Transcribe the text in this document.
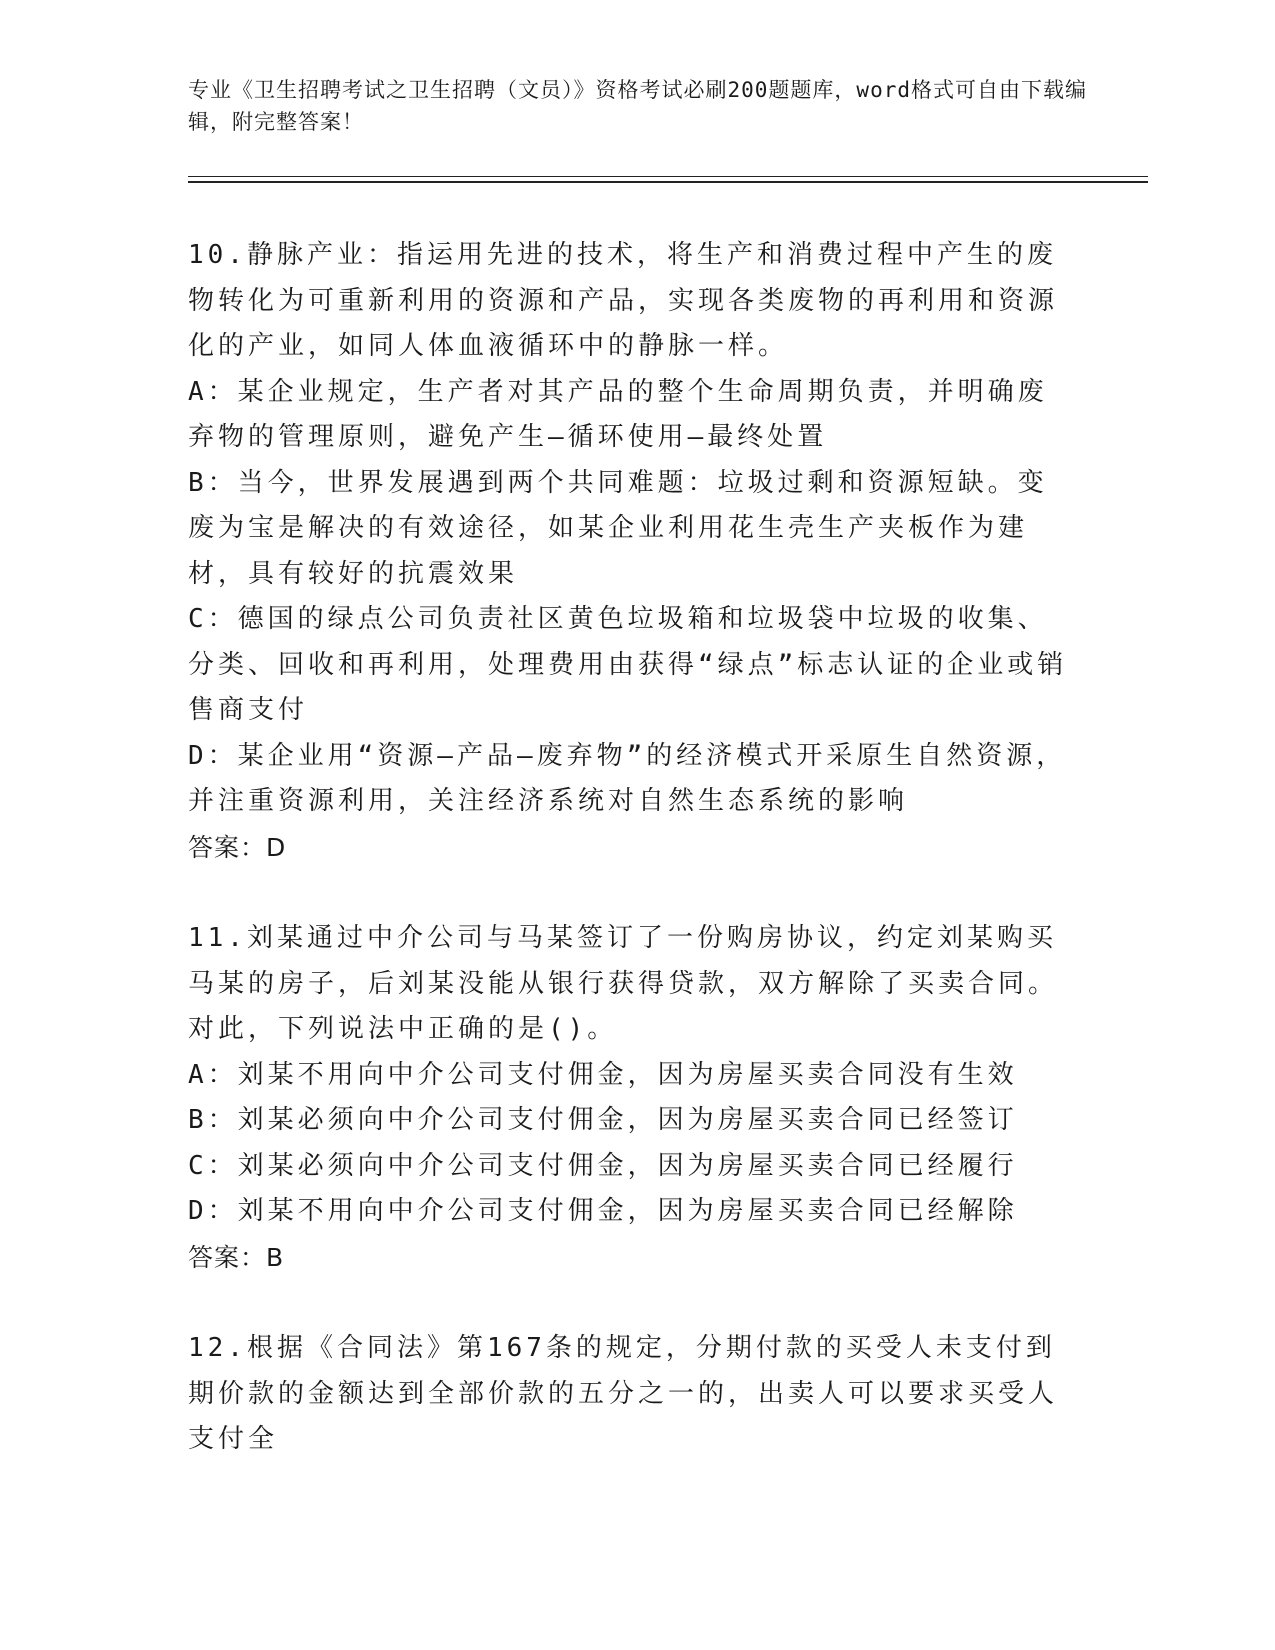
专业《卫生招聘考试之卫生招聘（文员）》资格考试必刷200题题库，word格式可自由下载编辑，附完整答案！

10.静脉产业：指运用先进的技术，将生产和消费过程中产生的废物转化为可重新利用的资源和产品，实现各类废物的再利用和资源化的产业，如同人体血液循环中的静脉一样。

A：某企业规定，生产者对其产品的整个生命周期负责，并明确废弃物的管理原则，避免产生—循环使用—最终处置

B：当今，世界发展遇到两个共同难题：垃圾过剩和资源短缺。变废为宝是解决的有效途径，如某企业利用花生壳生产夹板作为建材，具有较好的抗震效果

C：德国的绿点公司负责社区黄色垃圾箱和垃圾袋中垃圾的收集、分类、回收和再利用，处理费用由获得“绿点”标志认证的企业或销售商支付

D：某企业用“资源—产品—废弃物”的经济模式开采原生自然资源，并注重资源利用，关注经济系统对自然生态系统的影响

答案：D

11.刘某通过中介公司与马某签订了一份购房协议，约定刘某购买马某的房子，后刘某没能从银行获得贷款，双方解除了买卖合同。对此，下列说法中正确的是()。

A：刘某不用向中介公司支付佣金，因为房屋买卖合同没有生效

B：刘某必须向中介公司支付佣金，因为房屋买卖合同已经签订

C：刘某必须向中介公司支付佣金，因为房屋买卖合同已经履行

D：刘某不用向中介公司支付佣金，因为房屋买卖合同已经解除

答案：B

12.根据《合同法》第167条的规定，分期付款的买受人未支付到期价款的金额达到全部价款的五分之一的，出卖人可以要求买受人支付全
